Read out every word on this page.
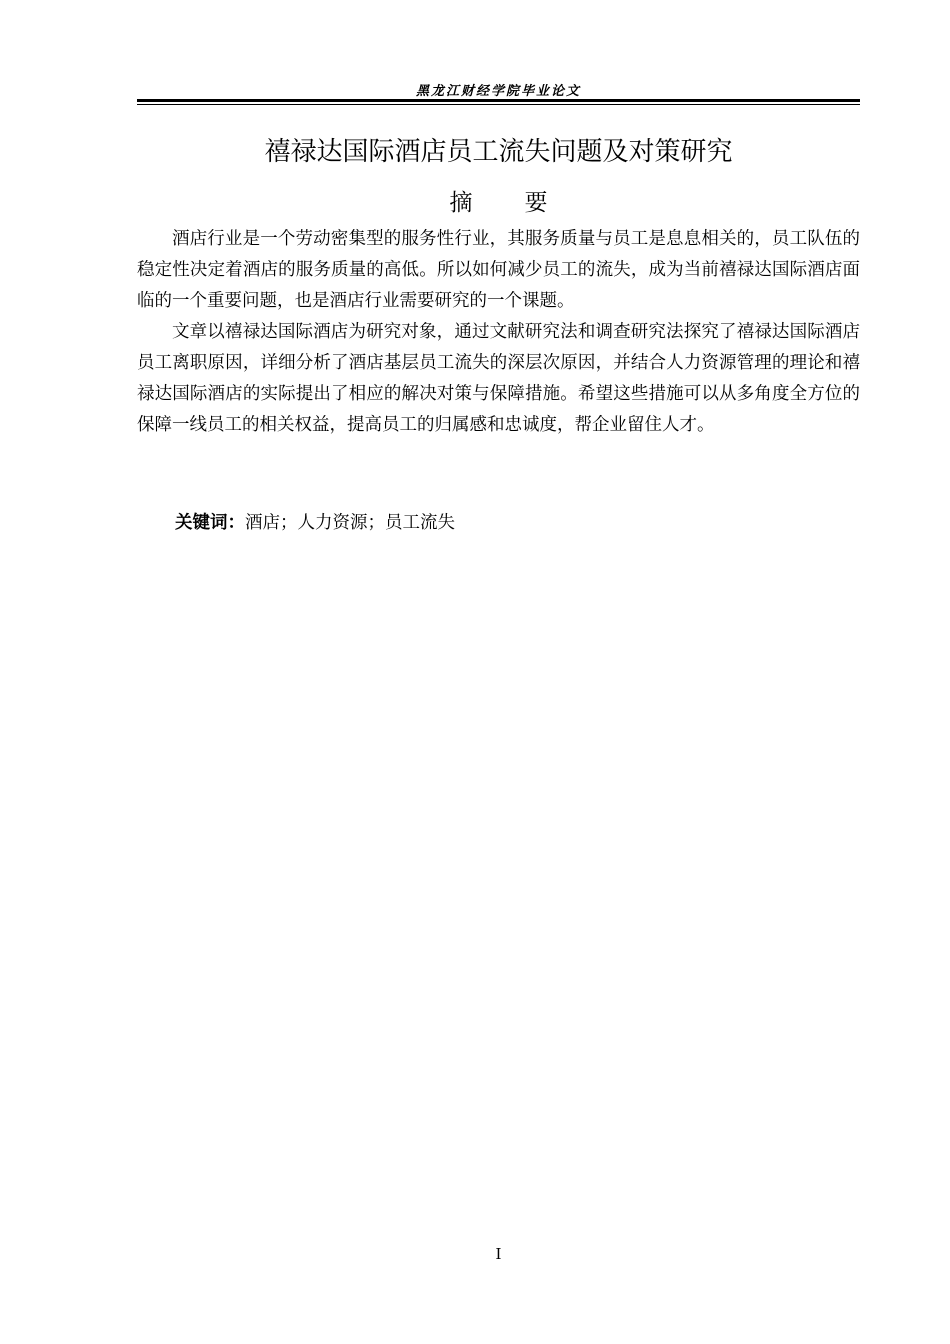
黑龙江财经学院毕业论文
禧禄达国际酒店员工流失问题及对策研究
摘 要

酒店行业是一个劳动密集型的服务性行业，其服务质量与员工是息息相关的，员工队伍的稳定性决定着酒店的服务质量的高低。所以如何减少员工的流失，成为当前禧禄达国际酒店面临的一个重要问题，也是酒店行业需要研究的一个课题。

文章以禧禄达国际酒店为研究对象，通过文献研究法和调查研究法探究了禧禄达国际酒店员工离职原因，详细分析了酒店基层员工流失的深层次原因，并结合人力资源管理的理论和禧禄达国际酒店的实际提出了相应的解决对策与保障措施。希望这些措施可以从多角度全方位的保障一线员工的相关权益，提高员工的归属感和忠诚度，帮企业留住人才。

关键词：酒店；人力资源；员工流失
I
